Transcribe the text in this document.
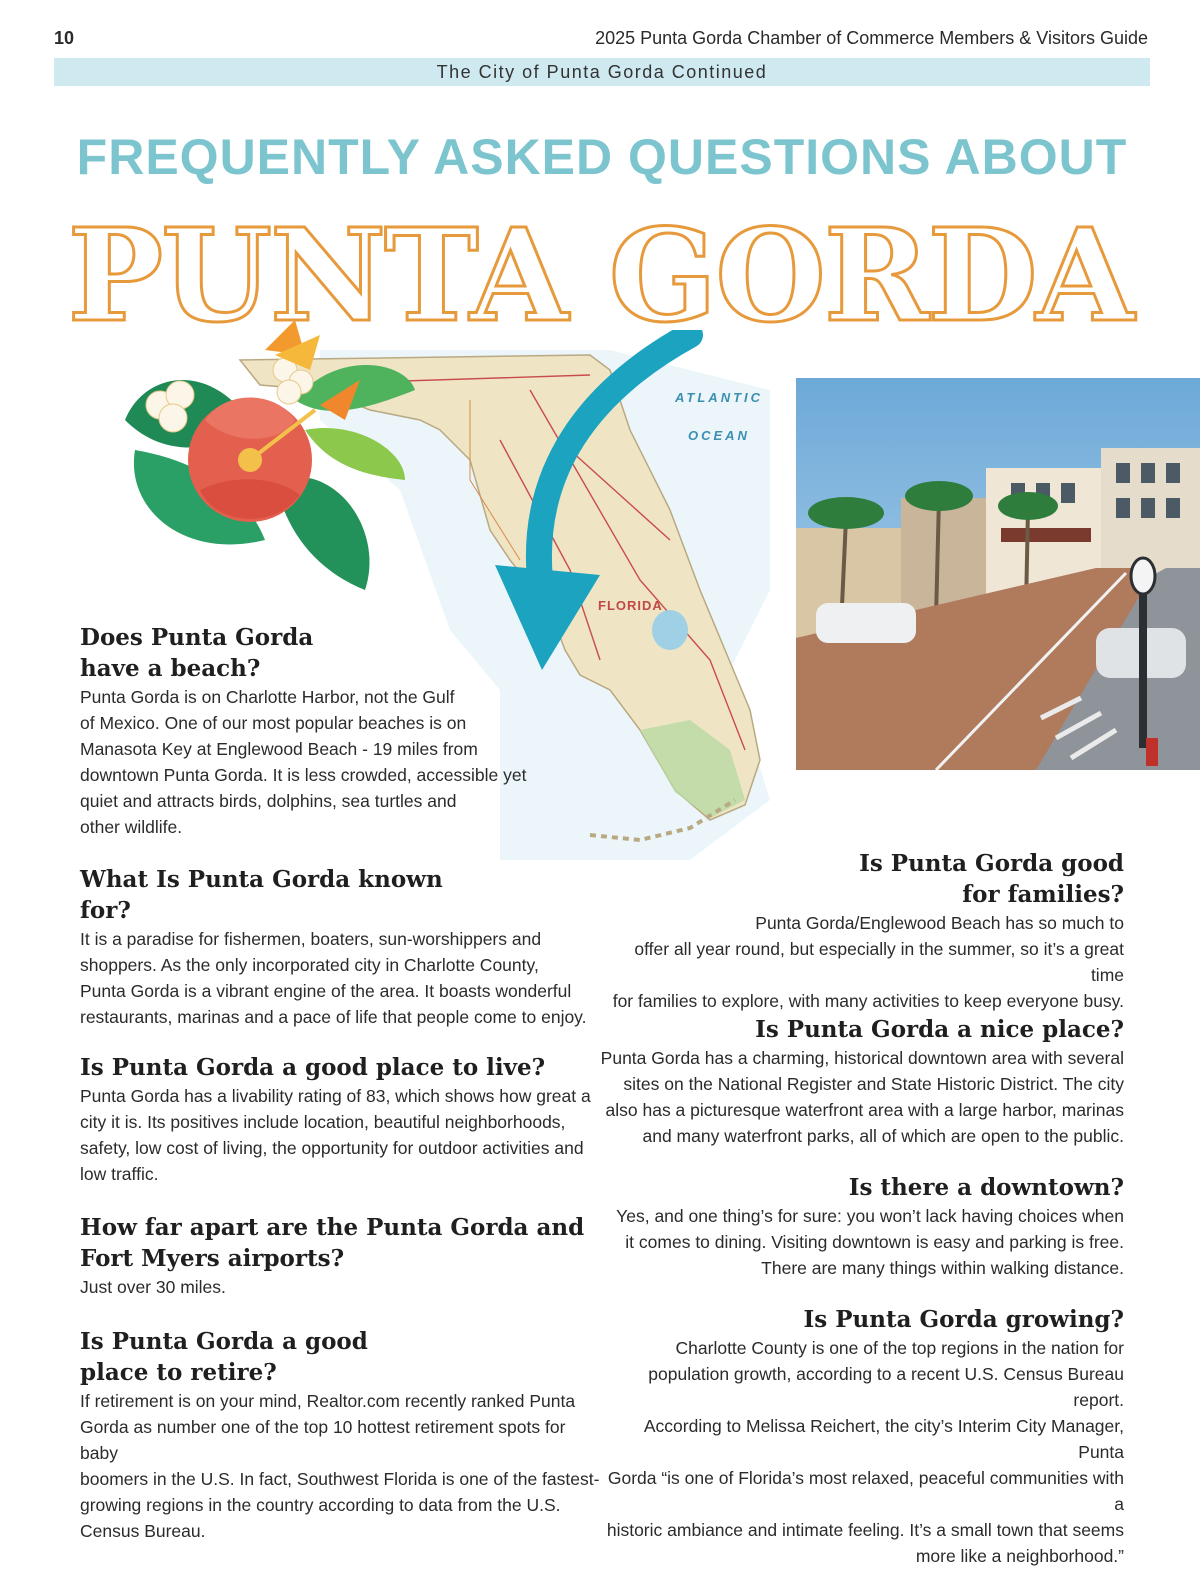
10	2025 Punta Gorda Chamber of Commerce Members & Visitors Guide
The City of Punta Gorda Continued
FREQUENTLY ASKED QUESTIONS ABOUT
PUNTA GORDA
ATLANTIC
OCEAN
FLORIDA
Does Punta Gorda
have a beach?
Punta Gorda is on Charlotte Harbor, not the Gulf
of Mexico. One of our most popular beaches is on
Manasota Key at Englewood Beach - 19 miles from
downtown Punta Gorda. It is less crowded, accessible yet
quiet and attracts birds, dolphins, sea turtles and
other wildlife.
What Is Punta Gorda known
for?
It is a paradise for fishermen, boaters, sun-worshippers and
shoppers. As the only incorporated city in Charlotte County,
Punta Gorda is a vibrant engine of the area. It boasts wonderful
restaurants, marinas and a pace of life that people come to enjoy.
Is Punta Gorda a good place to live?
Punta Gorda has a livability rating of 83, which shows how great a
city it is. Its positives include location, beautiful neighborhoods,
safety, low cost of living, the opportunity for outdoor activities and
low traffic.
How far apart are the Punta Gorda and
Fort Myers airports?
Just over 30 miles.
Is Punta Gorda a good
place to retire?
If retirement is on your mind, Realtor.com recently ranked Punta
Gorda as number one of the top 10 hottest retirement spots for baby
boomers in the U.S. In fact, Southwest Florida is one of the fastest-
growing regions in the country according to data from the U.S.
Census Bureau.
Is Punta Gorda good
for families?
Punta Gorda/Englewood Beach has so much to
offer all year round, but especially in the summer, so it’s a great time
for families to explore, with many activities to keep everyone busy.
Is Punta Gorda a nice place?
Punta Gorda has a charming, historical downtown area with several
sites on the National Register and State Historic District. The city
also has a picturesque waterfront area with a large harbor, marinas
and many waterfront parks, all of which are open to the public.
Is there a downtown?
Yes, and one thing’s for sure: you won’t lack having choices when
it comes to dining. Visiting downtown is easy and parking is free.
There are many things within walking distance.
Is Punta Gorda growing?
Charlotte County is one of the top regions in the nation for
population growth, according to a recent U.S. Census Bureau report.
According to Melissa Reichert, the city’s Interim City Manager, Punta
Gorda “is one of Florida’s most relaxed, peaceful communities with a
historic ambiance and intimate feeling. It’s a small town that seems
more like a neighborhood.”
